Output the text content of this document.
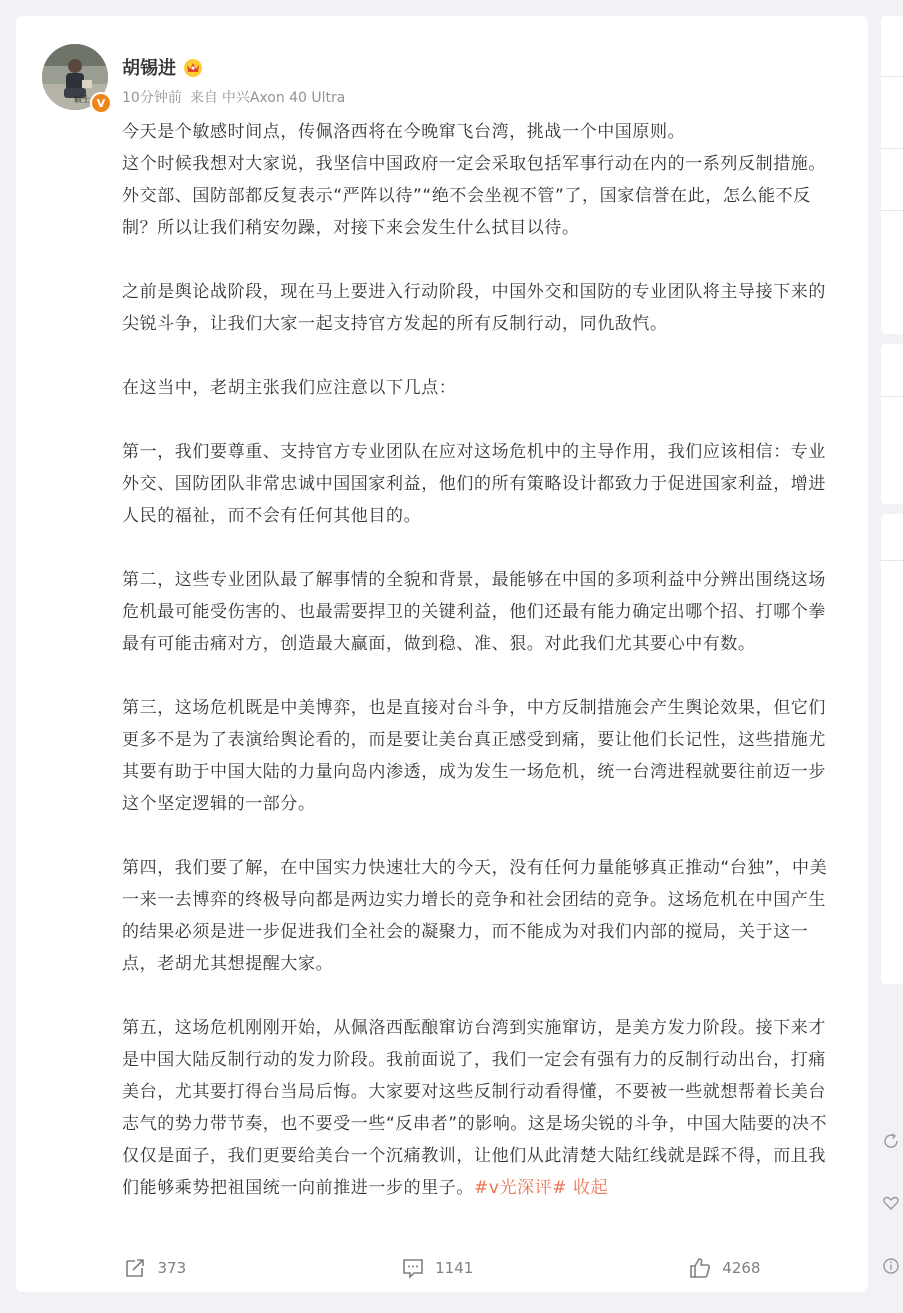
硕士 V
胡锡进
10分钟前 来自 中兴Axon 40 Ultra

今天是个敏感时间点，传佩洛西将在今晚窜飞台湾，挑战一个中国原则。

这个时候我想对大家说，我坚信中国政府一定会采取包括军事行动在内的一系列反制措施。外交部、国防部都反复表示“严阵以待”“绝不会坐视不管”了，国家信誉在此，怎么能不反制？所以让我们稍安勿躁，对接下来会发生什么拭目以待。

之前是舆论战阶段，现在马上要进入行动阶段，中国外交和国防的专业团队将主导接下来的尖锐斗争，让我们大家一起支持官方发起的所有反制行动，同仇敌忾。

在这当中，老胡主张我们应注意以下几点：

第一，我们要尊重、支持官方专业团队在应对这场危机中的主导作用，我们应该相信：专业外交、国防团队非常忠诚中国国家利益，他们的所有策略设计都致力于促进国家利益，增进人民的福祉，而不会有任何其他目的。

第二，这些专业团队最了解事情的全貌和背景，最能够在中国的多项利益中分辨出围绕这场危机最可能受伤害的、也最需要捍卫的关键利益，他们还最有能力确定出哪个招、打哪个拳最有可能击痛对方，创造最大赢面，做到稳、准、狠。对此我们尤其要心中有数。

第三，这场危机既是中美博弈，也是直接对台斗争，中方反制措施会产生舆论效果，但它们更多不是为了表演给舆论看的，而是要让美台真正感受到痛，要让他们长记性，这些措施尤其要有助于中国大陆的力量向岛内渗透，成为发生一场危机，统一台湾进程就要往前迈一步这个坚定逻辑的一部分。

第四，我们要了解，在中国实力快速壮大的今天，没有任何力量能够真正推动“台独”，中美一来一去博弈的终极导向都是两边实力增长的竞争和社会团结的竞争。这场危机在中国产生的结果必须是进一步促进我们全社会的凝聚力，而不能成为对我们内部的搅局，关于这一点，老胡尤其想提醒大家。

第五，这场危机刚刚开始，从佩洛西酝酿窜访台湾到实施窜访，是美方发力阶段。接下来才是中国大陆反制行动的发力阶段。我前面说了，我们一定会有强有力的反制行动出台，打痛美台，尤其要打得台当局后悔。大家要对这些反制行动看得懂，不要被一些就想帮着长美台志气的势力带节奏，也不要受一些“反串者”的影响。这是场尖锐的斗争，中国大陆要的决不仅仅是面子，我们更要给美台一个沉痛教训，让他们从此清楚大陆红线就是踩不得，而且我们能够乘势把祖国统一向前推进一步的里子。#v光深评# 收起

373	1141	4268
